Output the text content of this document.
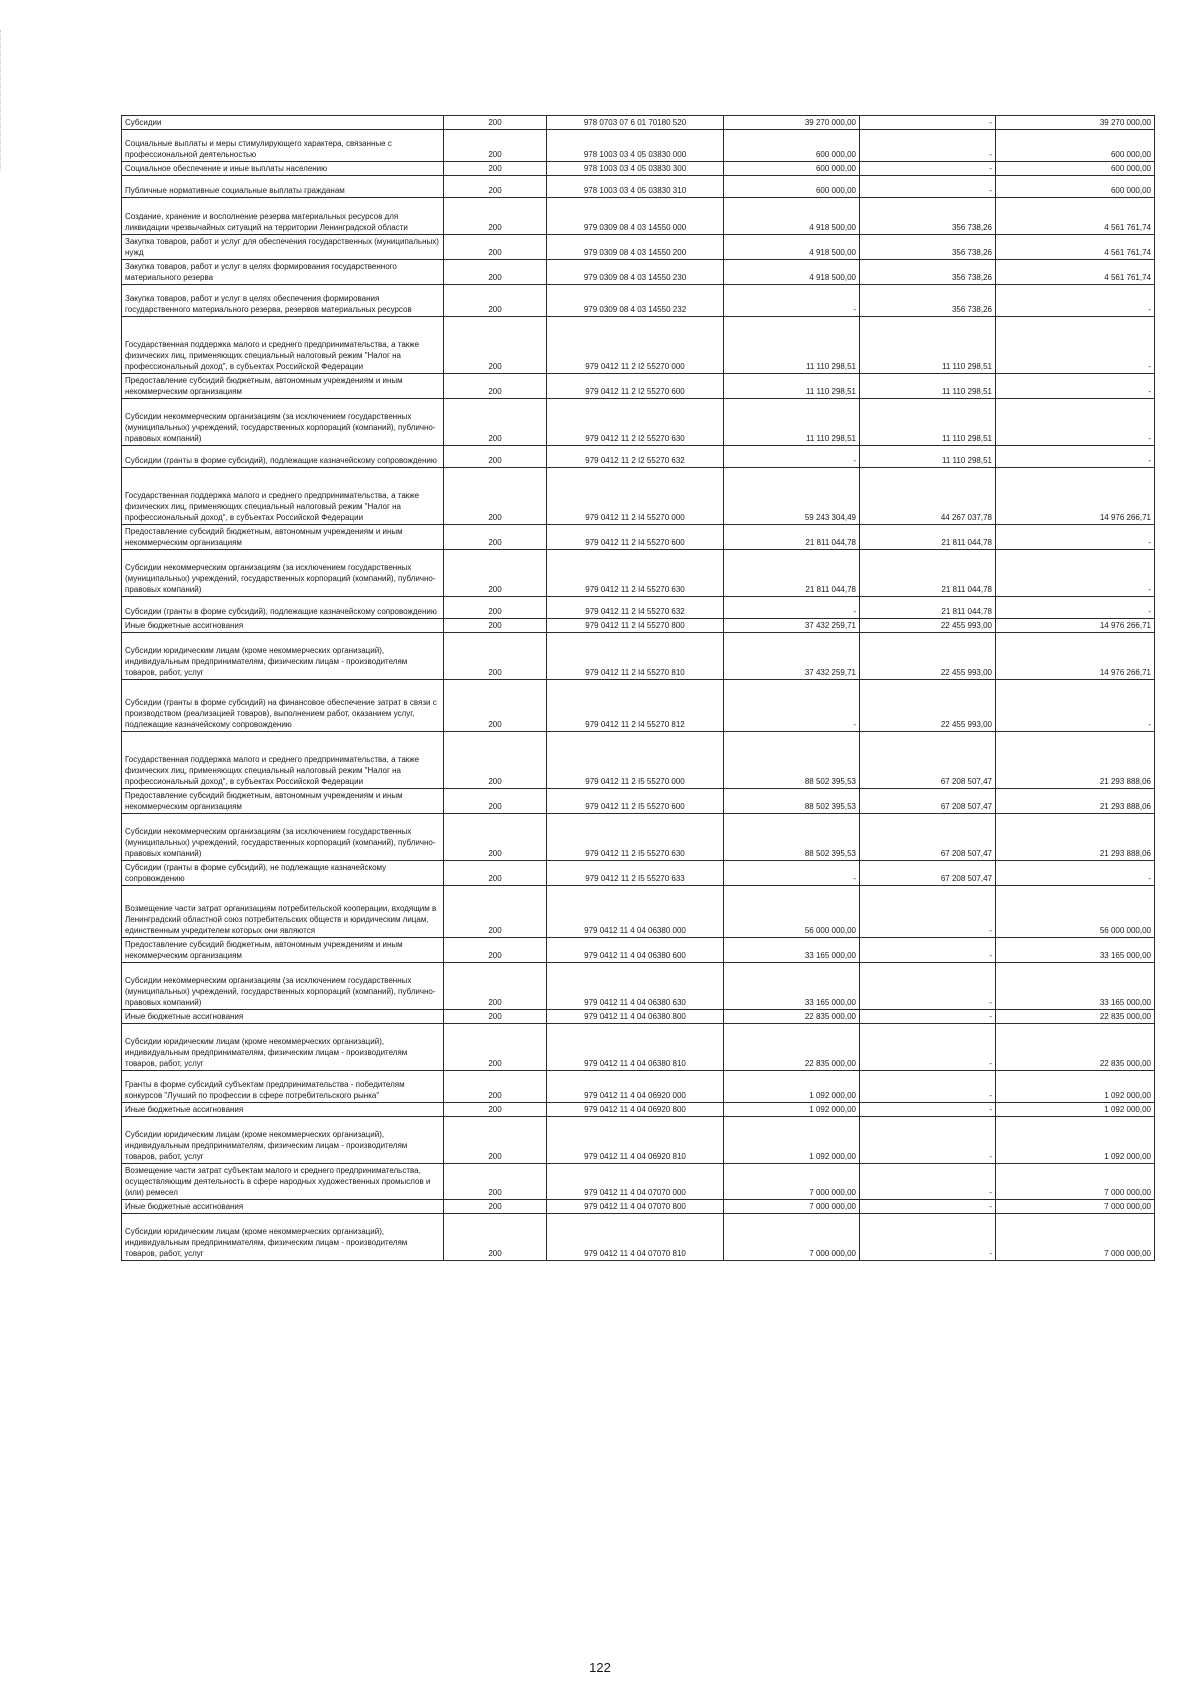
Субсидии	200	978 0703 07 6 01 70180 520	39 270 000,00	-	39 270 000,00
Социальные выплаты и меры стимулирующего характера, связанные с профессиональной деятельностью	200	978 1003 03 4 05 03830 000	600 000,00	-	600 000,00
Социальное обеспечение и иные выплаты населению	200	978 1003 03 4 05 03830 300	600 000,00	-	600 000,00
Публичные нормативные социальные выплаты гражданам	200	978 1003 03 4 05 03830 310	600 000,00	-	600 000,00
Создание, хранение и восполнение резерва материальных ресурсов для ликвидации чрезвычайных ситуаций на территории Ленинградской области	200	979 0309 08 4 03 14550 000	4 918 500,00	356 738,26	4 561 761,74
Закупка товаров, работ и услуг для обеспечения государственных (муниципальных) нужд	200	979 0309 08 4 03 14550 200	4 918 500,00	356 738,26	4 561 761,74
Закупка товаров, работ и услуг в целях формирования государственного материального резерва	200	979 0309 08 4 03 14550 230	4 918 500,00	356 738,26	4 561 761,74
Закупка товаров, работ и услуг в целях обеспечения формирования государственного материального резерва, резервов материальных ресурсов	200	979 0309 08 4 03 14550 232	-	356 738,26	-
Государственная поддержка малого и среднего предпринимательства, а также физических лиц, применяющих специальный налоговый режим "Налог на профессиональный доход", в субъектах Российской Федерации	200	979 0412 11 2 I2 55270 000	11 110 298,51	11 110 298,51	-
Предоставление субсидий бюджетным, автономным учреждениям и иным некоммерческим организациям	200	979 0412 11 2 I2 55270 600	11 110 298,51	11 110 298,51	-
Субсидии некоммерческим организациям (за исключением государственных (муниципальных) учреждений, государственных корпораций (компаний), публично-правовых компаний)	200	979 0412 11 2 I2 55270 630	11 110 298,51	11 110 298,51	-
Субсидии (гранты в форме субсидий), подлежащие казначейскому сопровождению	200	979 0412 11 2 I2 55270 632	-	11 110 298,51	-
Государственная поддержка малого и среднего предпринимательства, а также физических лиц, применяющих специальный налоговый режим "Налог на профессиональный доход", в субъектах Российской Федерации	200	979 0412 11 2 I4 55270 000	59 243 304,49	44 267 037,78	14 976 266,71
Предоставление субсидий бюджетным, автономным учреждениям и иным некоммерческим организациям	200	979 0412 11 2 I4 55270 600	21 811 044,78	21 811 044,78	-
Субсидии некоммерческим организациям (за исключением государственных (муниципальных) учреждений, государственных корпораций (компаний), публично-правовых компаний)	200	979 0412 11 2 I4 55270 630	21 811 044,78	21 811 044,78	-
Субсидии (гранты в форме субсидий), подлежащие казначейскому сопровождению	200	979 0412 11 2 I4 55270 632	-	21 811 044,78	-
Иные бюджетные ассигнования	200	979 0412 11 2 I4 55270 800	37 432 259,71	22 455 993,00	14 976 266,71
Субсидии юридическим лицам (кроме некоммерческих организаций), индивидуальным предпринимателям, физическим лицам - производителям товаров, работ, услуг	200	979 0412 11 2 I4 55270 810	37 432 259,71	22 455 993,00	14 976 266,71
Субсидии (гранты в форме субсидий) на финансовое обеспечение затрат в связи с производством (реализацией товаров), выполнением работ, оказанием услуг, подлежащие казначейскому сопровождению	200	979 0412 11 2 I4 55270 812	-	22 455 993,00	-
Государственная поддержка малого и среднего предпринимательства, а также физических лиц, применяющих специальный налоговый режим "Налог на профессиональный доход", в субъектах Российской Федерации	200	979 0412 11 2 I5 55270 000	88 502 395,53	67 208 507,47	21 293 888,06
Предоставление субсидий бюджетным, автономным учреждениям и иным некоммерческим организациям	200	979 0412 11 2 I5 55270 600	88 502 395,53	67 208 507,47	21 293 888,06
Субсидии некоммерческим организациям (за исключением государственных (муниципальных) учреждений, государственных корпораций (компаний), публично-правовых компаний)	200	979 0412 11 2 I5 55270 630	88 502 395,53	67 208 507,47	21 293 888,06
Субсидии (гранты в форме субсидий), не подлежащие казначейскому сопровождению	200	979 0412 11 2 I5 55270 633	-	67 208 507,47	-
Возмещение части затрат организациям потребительской кооперации, входящим в Ленинградский областной союз потребительских обществ и юридическим лицам, единственным учредителем которых они являются	200	979 0412 11 4 04 06380 000	56 000 000,00	-	56 000 000,00
Предоставление субсидий бюджетным, автономным учреждениям и иным некоммерческим организациям	200	979 0412 11 4 04 06380 600	33 165 000,00	-	33 165 000,00
Субсидии некоммерческим организациям (за исключением государственных (муниципальных) учреждений, государственных корпораций (компаний), публично-правовых компаний)	200	979 0412 11 4 04 06380 630	33 165 000,00	-	33 165 000,00
Иные бюджетные ассигнования	200	979 0412 11 4 04 06380 800	22 835 000,00	-	22 835 000,00
Субсидии юридическим лицам (кроме некоммерческих организаций), индивидуальным предпринимателям, физическим лицам - производителям товаров, работ, услуг	200	979 0412 11 4 04 06380 810	22 835 000,00	-	22 835 000,00
Гранты в форме субсидий субъектам предпринимательства - победителям конкурсов "Лучший по профессии в сфере потребительского рынка"	200	979 0412 11 4 04 06920 000	1 092 000,00	-	1 092 000,00
Иные бюджетные ассигнования	200	979 0412 11 4 04 06920 800	1 092 000,00	-	1 092 000,00
Субсидии юридическим лицам (кроме некоммерческих организаций), индивидуальным предпринимателям, физическим лицам - производителям товаров, работ, услуг	200	979 0412 11 4 04 06920 810	1 092 000,00	-	1 092 000,00
Возмещение части затрат субъектам малого и среднего предпринимательства, осуществляющим деятельность в сфере народных художественных промыслов и (или) ремесел	200	979 0412 11 4 04 07070 000	7 000 000,00	-	7 000 000,00
Иные бюджетные ассигнования	200	979 0412 11 4 04 07070 800	7 000 000,00	-	7 000 000,00
Субсидии юридическим лицам (кроме некоммерческих организаций), индивидуальным предпринимателям, физическим лицам - производителям товаров, работ, услуг	200	979 0412 11 4 04 07070 810	7 000 000,00	-	7 000 000,00
122
